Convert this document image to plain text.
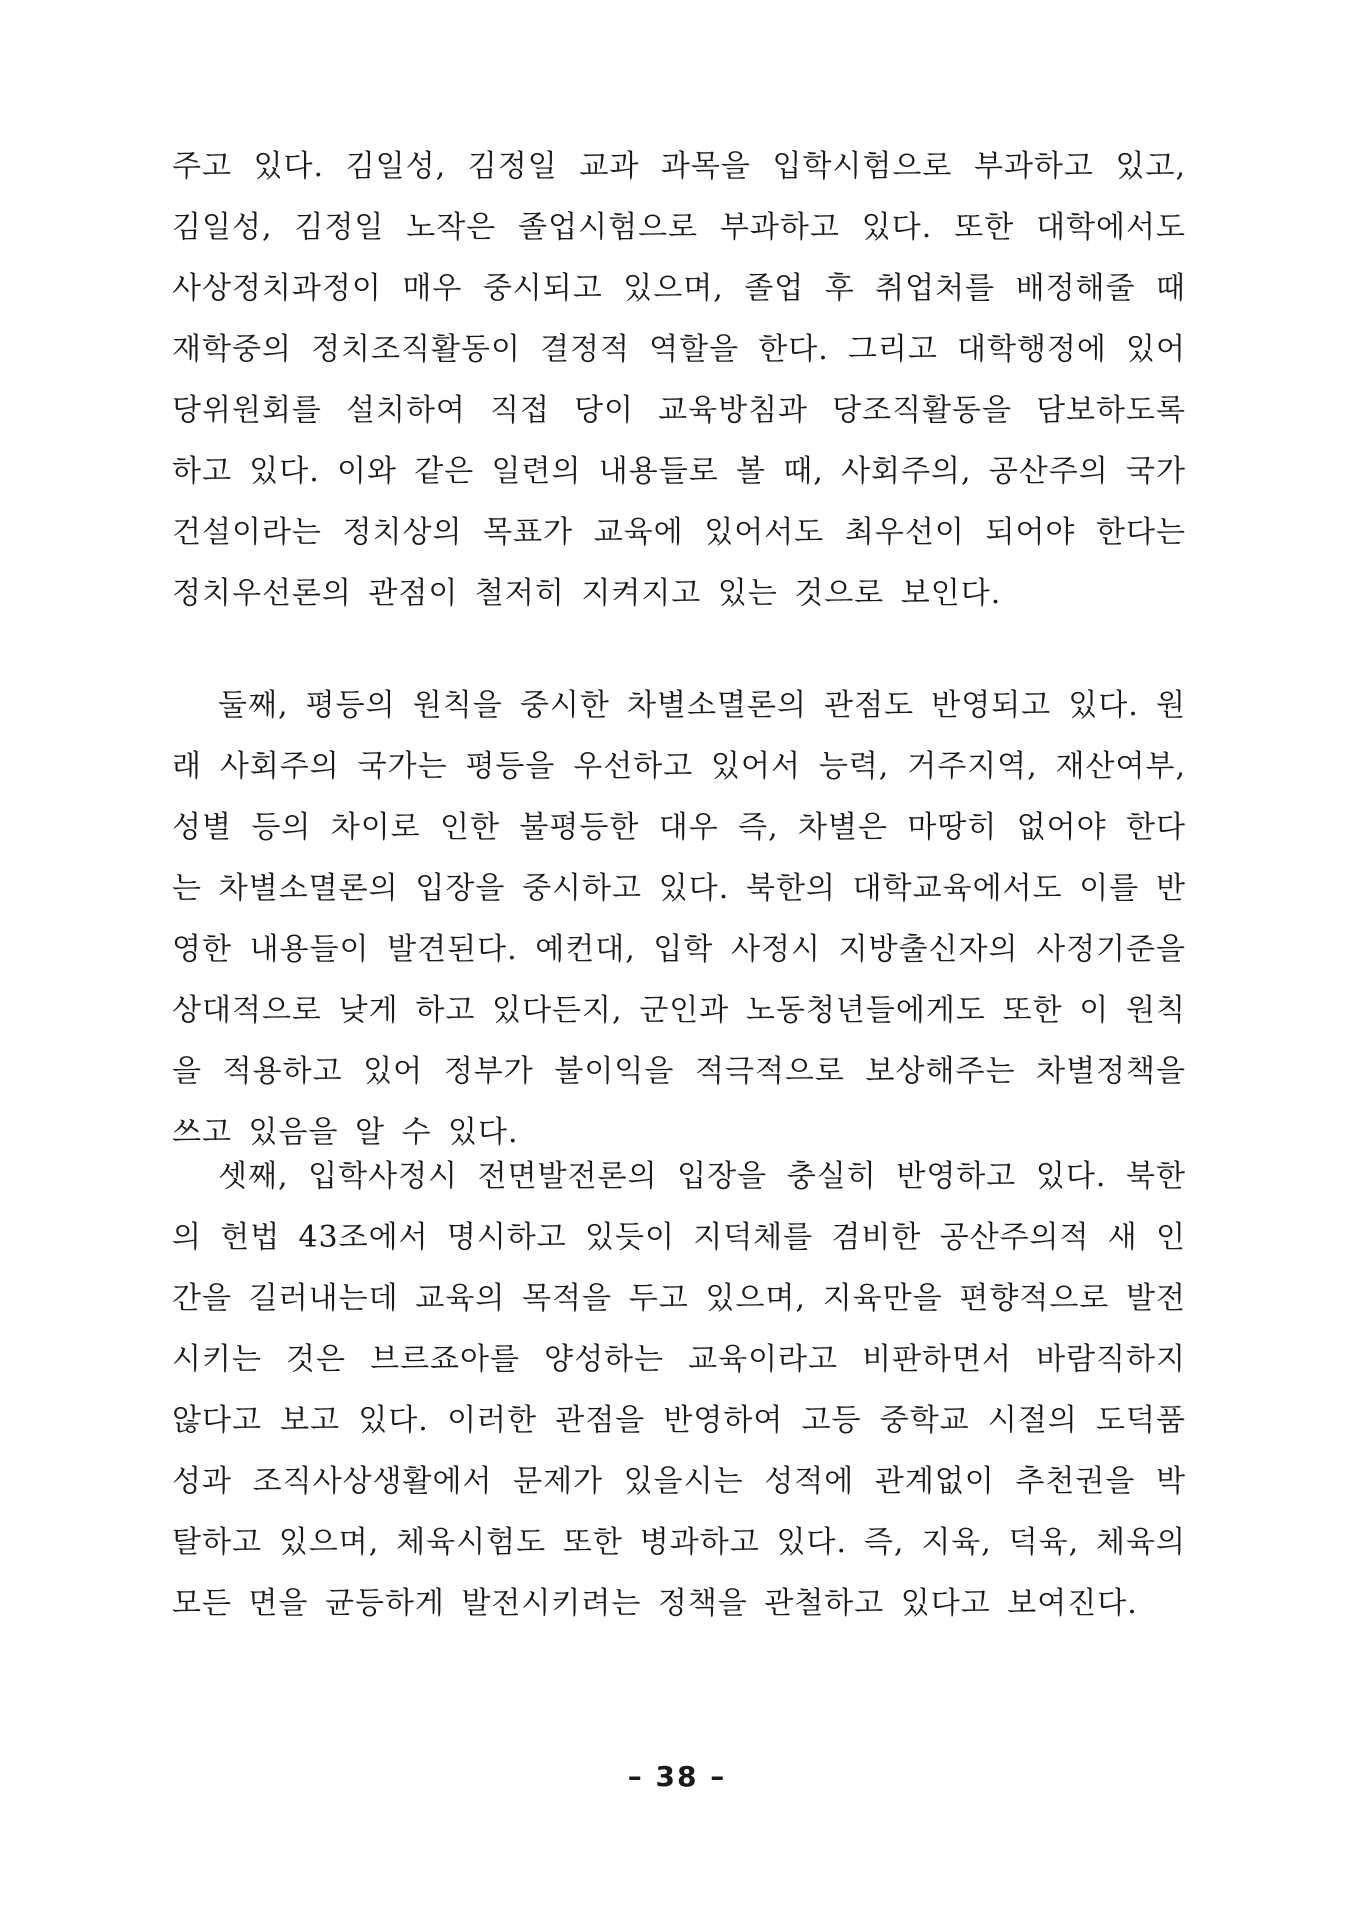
주고 있다. 김일성, 김정일 교과 과목을 입학시험으로 부과하고 있고, 김일성, 김정일 노작은 졸업시험으로 부과하고 있다. 또한 대학에서도 사상정치과정이 매우 중시되고 있으며, 졸업 후 취업처를 배정해줄 때 재학중의 정치조직활동이 결정적 역할을 한다. 그리고 대학행정에 있어 당위원회를 설치하여 직접 당이 교육방침과 당조직활동을 담보하도록 하고 있다. 이와 같은 일련의 내용들로 볼 때, 사회주의, 공산주의 국가건설이라는 정치상의 목표가 교육에 있어서도 최우선이 되어야 한다는 정치우선론의 관점이 철저히 지켜지고 있는 것으로 보인다.

둘째, 평등의 원칙을 중시한 차별소멸론의 관점도 반영되고 있다. 원래 사회주의 국가는 평등을 우선하고 있어서 능력, 거주지역, 재산여부, 성별 등의 차이로 인한 불평등한 대우 즉, 차별은 마땅히 없어야 한다는 차별소멸론의 입장을 중시하고 있다. 북한의 대학교육에서도 이를 반영한 내용들이 발견된다. 예컨대, 입학 사정시 지방출신자의 사정기준을 상대적으로 낮게 하고 있다든지, 군인과 노동청년들에게도 또한 이 원칙을 적용하고 있어 정부가 불이익을 적극적으로 보상해주는 차별정책을 쓰고 있음을 알 수 있다.

셋째, 입학사정시 전면발전론의 입장을 충실히 반영하고 있다. 북한의 헌법 43조에서 명시하고 있듯이 지덕체를 겸비한 공산주의적 새 인간을 길러내는데 교육의 목적을 두고 있으며, 지육만을 편향적으로 발전시키는 것은 브르죠아를 양성하는 교육이라고 비판하면서 바람직하지 않다고 보고 있다. 이러한 관점을 반영하여 고등 중학교 시절의 도덕품성과 조직사상생활에서 문제가 있을시는 성적에 관계없이 추천권을 박탈하고 있으며, 체육시험도 또한 병과하고 있다. 즉, 지육, 덕육, 체육의 모든 면을 균등하게 발전시키려는 정책을 관철하고 있다고 보여진다.

– 38 –
